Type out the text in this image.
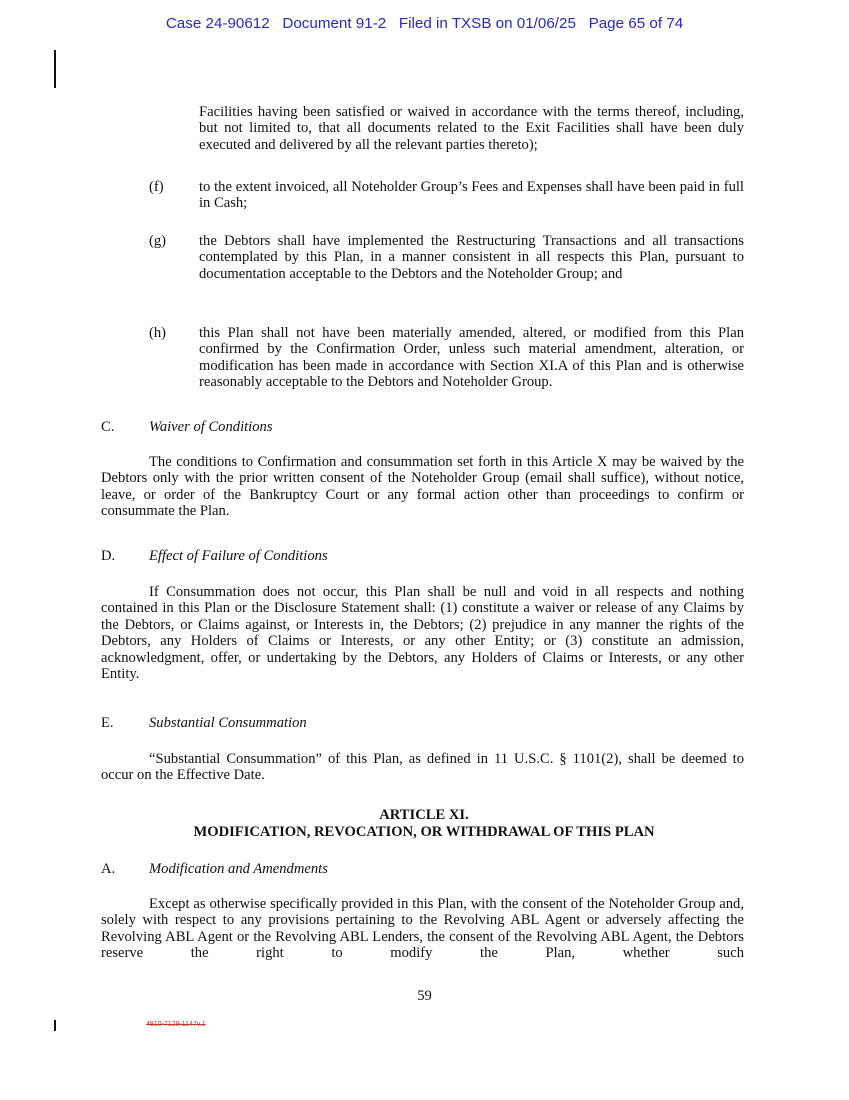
Case 24-90612 Document 91-2 Filed in TXSB on 01/06/25 Page 65 of 74

Facilities having been satisfied or waived in accordance with the terms thereof, including, but not limited to, that all documents related to the Exit Facilities shall have been duly executed and delivered by all the relevant parties thereto);

(f) to the extent invoiced, all Noteholder Group’s Fees and Expenses shall have been paid in full in Cash;

(g) the Debtors shall have implemented the Restructuring Transactions and all transactions contemplated by this Plan, in a manner consistent in all respects this Plan, pursuant to documentation acceptable to the Debtors and the Noteholder Group; and

(h) this Plan shall not have been materially amended, altered, or modified from this Plan confirmed by the Confirmation Order, unless such material amendment, alteration, or modification has been made in accordance with Section XI.A of this Plan and is otherwise reasonably acceptable to the Debtors and Noteholder Group.

C. Waiver of Conditions

The conditions to Confirmation and consummation set forth in this Article X may be waived by the Debtors only with the prior written consent of the Noteholder Group (email shall suffice), without notice, leave, or order of the Bankruptcy Court or any formal action other than proceedings to confirm or consummate the Plan.

D. Effect of Failure of Conditions

If Consummation does not occur, this Plan shall be null and void in all respects and nothing contained in this Plan or the Disclosure Statement shall: (1) constitute a waiver or release of any Claims by the Debtors, or Claims against, or Interests in, the Debtors; (2) prejudice in any manner the rights of the Debtors, any Holders of Claims or Interests, or any other Entity; or (3) constitute an admission, acknowledgment, offer, or undertaking by the Debtors, any Holders of Claims or Interests, or any other Entity.

E. Substantial Consummation

“Substantial Consummation” of this Plan, as defined in 11 U.S.C. § 1101(2), shall be deemed to occur on the Effective Date.

ARTICLE XI.
MODIFICATION, REVOCATION, OR WITHDRAWAL OF THIS PLAN
A. Modification and Amendments

Except as otherwise specifically provided in this Plan, with the consent of the Noteholder Group and, solely with respect to any provisions pertaining to the Revolving ABL Agent or adversely affecting the Revolving ABL Agent or the Revolving ABL Lenders, the consent of the Revolving ABL Agent, the Debtors reserve the right to modify the Plan, whether such

59
4910-7129-1147v.1
